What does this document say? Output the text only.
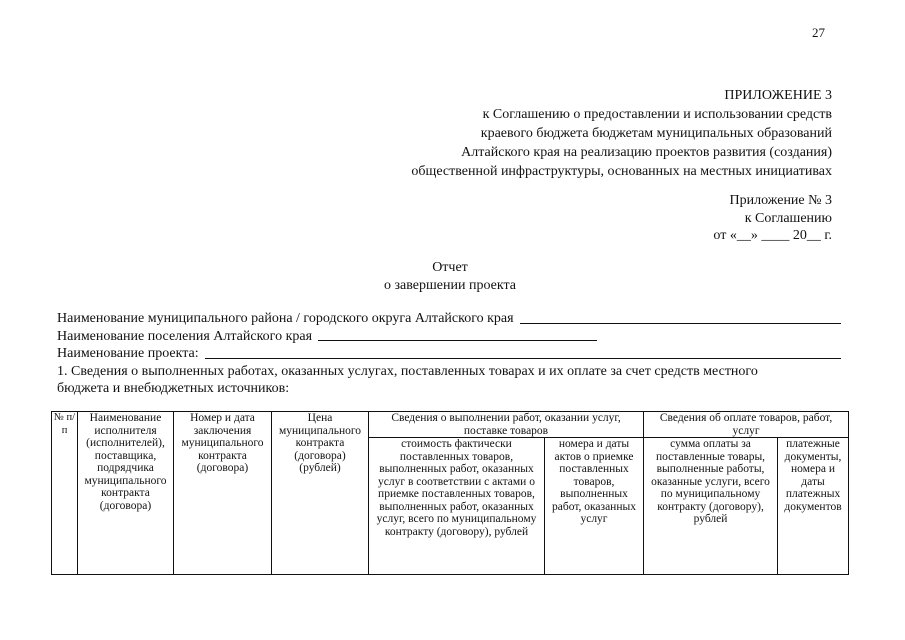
27
ПРИЛОЖЕНИЕ 3
к Соглашению о предоставлении и использовании средств
краевого бюджета бюджетам муниципальных образований
Алтайского края на реализацию проектов развития (создания)
общественной инфраструктуры, основанных на местных инициативах
Приложение № 3
к Соглашению
от «__» ____ 20__ г.
Отчет
о завершении проекта
Наименование муниципального района / городского округа Алтайского края
Наименование поселения Алтайского края
Наименование проекта:
1. Сведения о выполненных работах, оказанных услугах, поставленных товарах и их оплате за счет средств местного
бюджета и внебюджетных источников:
№ п/п	Наименование исполнителя (исполнителей), поставщика, подрядчика муниципального контракта (договора)	Номер и дата заключения муниципального контракта (договора)	Цена муниципального контракта (договора) (рублей)	Сведения о выполнении работ, оказании услуг, поставке товаров		Сведения об оплате товаров, работ, услуг	
				стоимость фактически поставленных товаров, выполненных работ, оказанных услуг в соответствии с актами о приемке поставленных товаров, выполненных работ, оказанных услуг, всего по муниципальному контракту (договору), рублей	номера и даты актов о приемке поставленных товаров, выполненных работ, оказанных услуг	сумма оплаты за поставленные товары, выполненные работы, оказанные услуги, всего по муниципальному контракту (договору), рублей	платежные документы, номера и даты платежных документов
